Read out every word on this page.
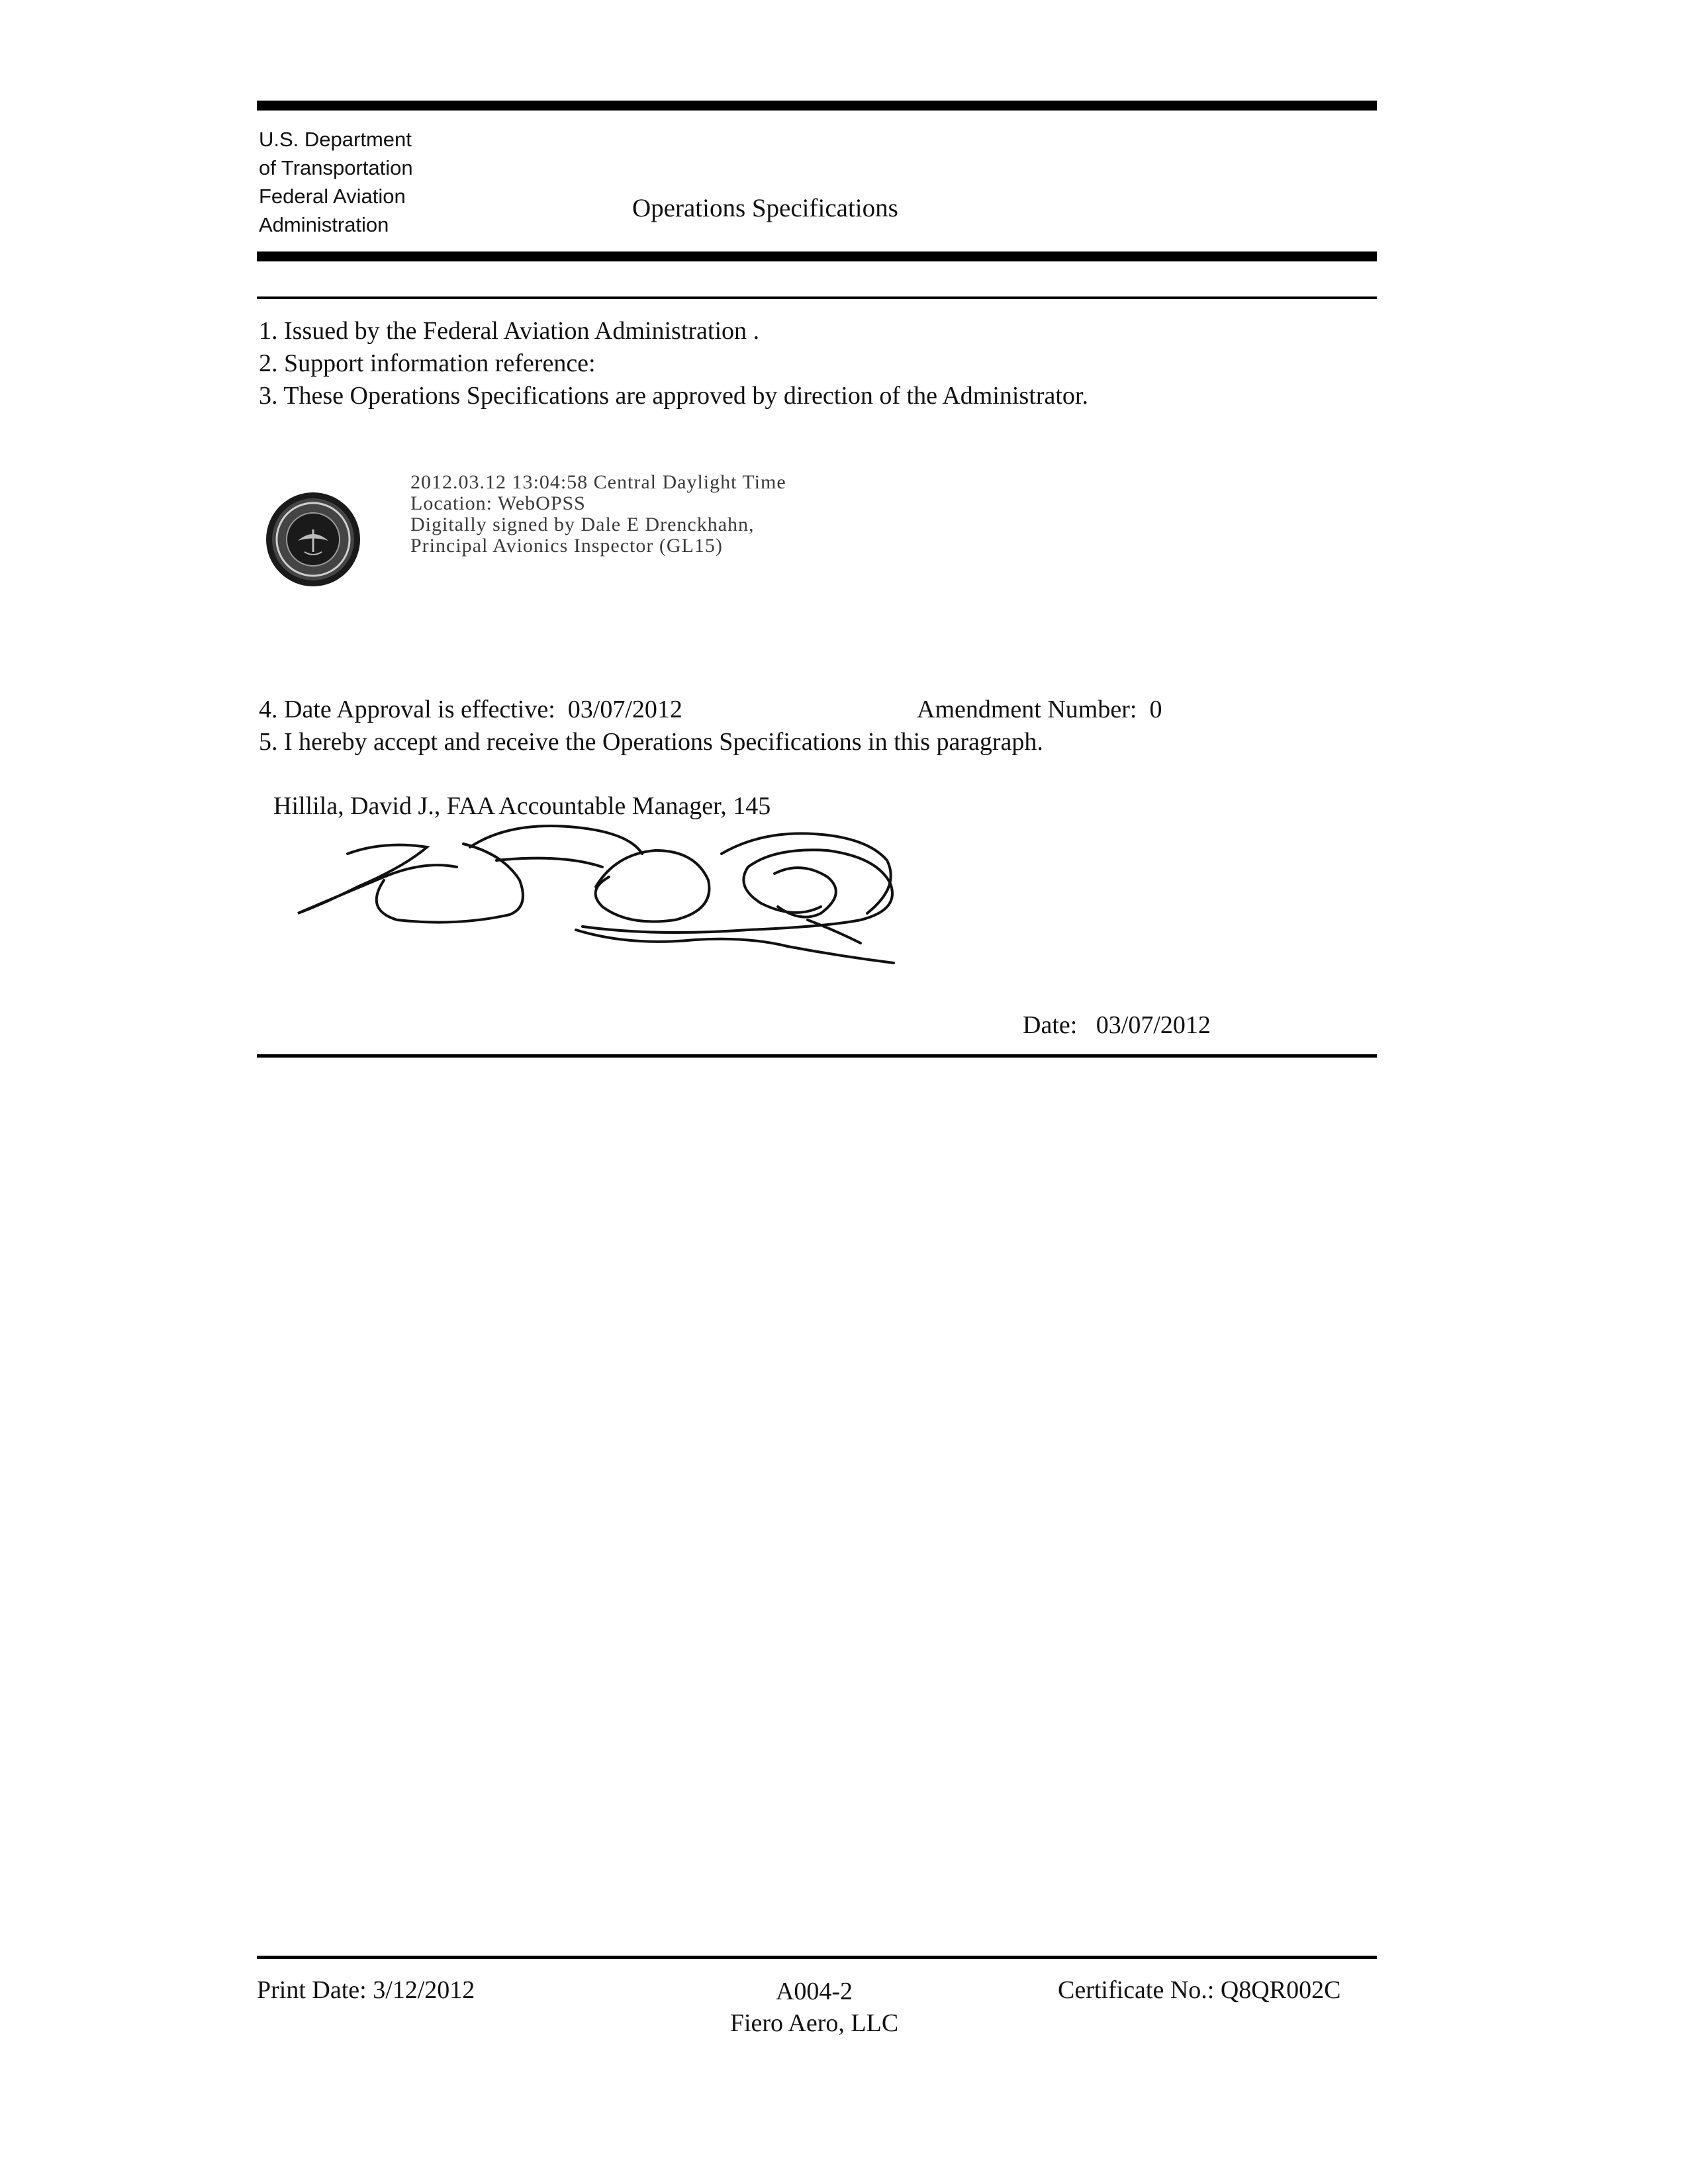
U.S. Department
of Transportation
Federal Aviation
Administration
Operations Specifications
1. Issued by the Federal Aviation Administration .
2. Support information reference:
3. These Operations Specifications are approved by direction of the Administrator.
2012.03.12 13:04:58 Central Daylight Time
Location: WebOPSS
Digitally signed by Dale E Drenckhahn,
Principal Avionics Inspector (GL15)
4. Date Approval is effective: 03/07/2012	Amendment Number: 0
5. I hereby accept and receive the Operations Specifications in this paragraph.
Hillila, David J., FAA Accountable Manager, 145
Date: 03/07/2012
Print Date: 3/12/2012	A004-2
Fiero Aero, LLC
Certificate No.: Q8QR002C
